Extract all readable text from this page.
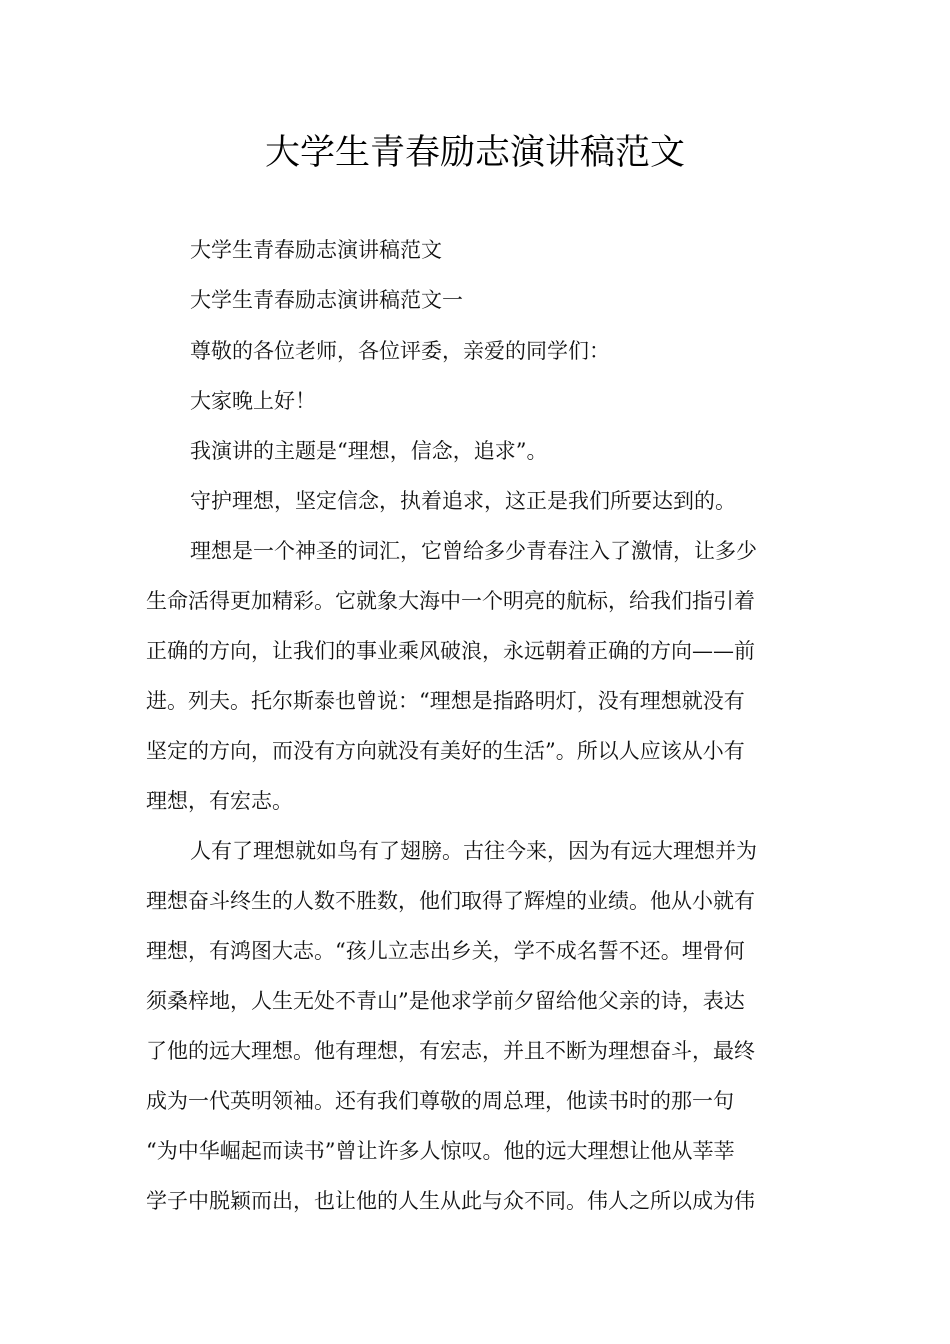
大学生青春励志演讲稿范文

大学生青春励志演讲稿范文

大学生青春励志演讲稿范文一

尊敬的各位老师，各位评委，亲爱的同学们：

大家晚上好！

我演讲的主题是“理想，信念，追求”。

守护理想，坚定信念，执着追求，这正是我们所要达到的。

理想是一个神圣的词汇，它曾给多少青春注入了激情，让多少

生命活得更加精彩。它就象大海中一个明亮的航标，给我们指引着

正确的方向，让我们的事业乘风破浪，永远朝着正确的方向——前

进。列夫。托尔斯泰也曾说：“理想是指路明灯，没有理想就没有

坚定的方向，而没有方向就没有美好的生活”。所以人应该从小有

理想，有宏志。

人有了理想就如鸟有了翅膀。古往今来，因为有远大理想并为

理想奋斗终生的人数不胜数，他们取得了辉煌的业绩。他从小就有

理想，有鸿图大志。“孩儿立志出乡关，学不成名誓不还。埋骨何

须桑梓地，人生无处不青山”是他求学前夕留给他父亲的诗，表达

了他的远大理想。他有理想，有宏志，并且不断为理想奋斗，最终

成为一代英明领袖。还有我们尊敬的周总理，他读书时的那一句

“为中华崛起而读书”曾让许多人惊叹。他的远大理想让他从莘莘

学子中脱颖而出，也让他的人生从此与众不同。伟人之所以成为伟
